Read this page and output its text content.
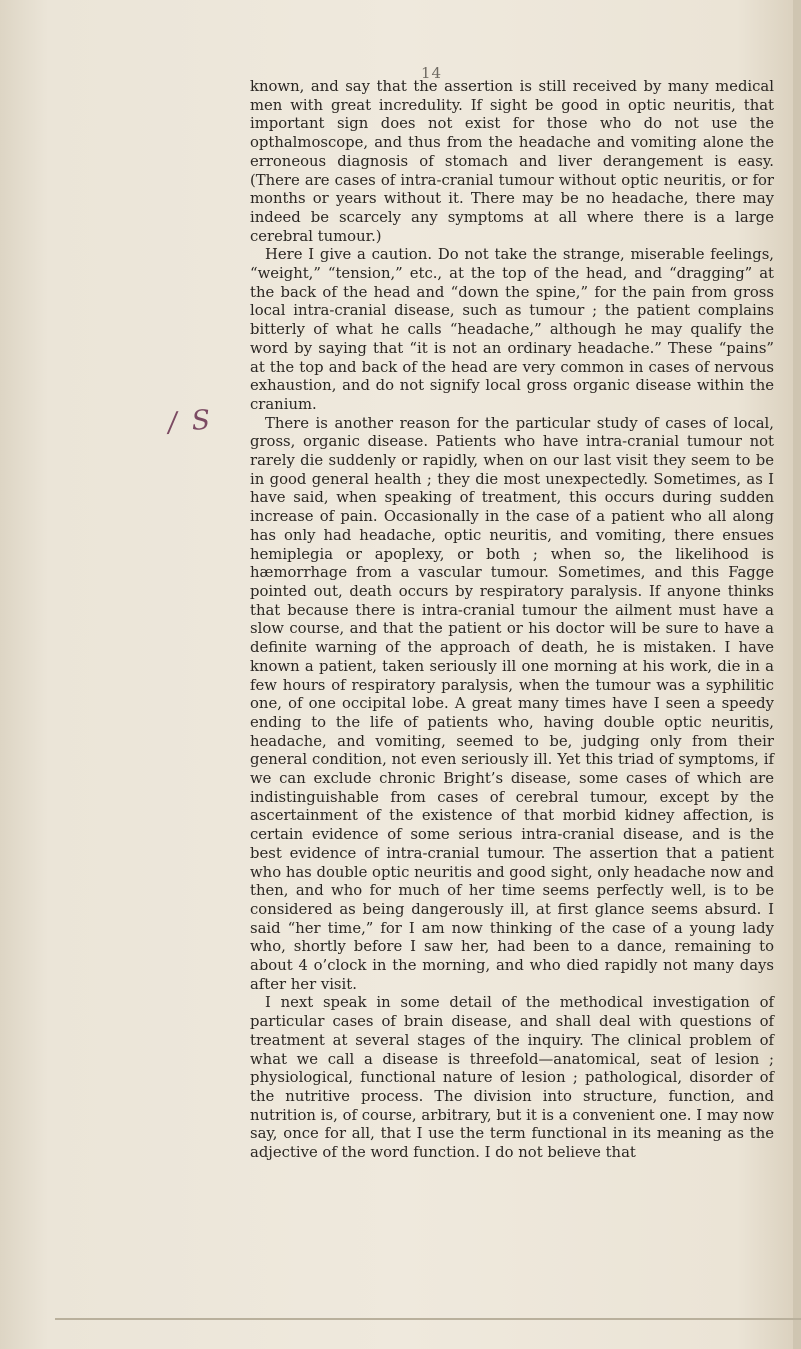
14
/ S

known, and say that the assertion is still received by many medical men with great incredulity. If sight be good in optic neuritis, that important sign does not exist for those who do not use the opthalmoscope, and thus from the headache and vomiting alone the erroneous diagnosis of stomach and liver derangement is easy. (There are cases of intra-cranial tumour without optic neuritis, or for months or years without it. There may be no headache, there may indeed be scarcely any symptoms at all where there is a large cerebral tumour.)

Here I give a caution. Do not take the strange, miserable feelings, “weight,” “tension,” etc., at the top of the head, and “dragging” at the back of the head and “down the spine,” for the pain from gross local intra-cranial disease, such as tumour ; the patient complains bitterly of what he calls “headache,” although he may qualify the word by saying that “it is not an ordinary headache.” These “pains” at the top and back of the head are very common in cases of nervous exhaustion, and do not signify local gross organic disease within the cranium.

There is another reason for the particular study of cases of local, gross, organic disease. Patients who have intra-cranial tumour not rarely die suddenly or rapidly, when on our last visit they seem to be in good general health ; they die most unexpectedly. Sometimes, as I have said, when speaking of treatment, this occurs during sudden increase of pain. Occasionally in the case of a patient who all along has only had headache, optic neuritis, and vomiting, there ensues hemiplegia or apoplexy, or both ; when so, the likelihood is hæmorrhage from a vascular tumour. Sometimes, and this Fagge pointed out, death occurs by respiratory paralysis. If anyone thinks that because there is intra-cranial tumour the ailment must have a slow course, and that the patient or his doctor will be sure to have a definite warning of the approach of death, he is mistaken. I have known a patient, taken seriously ill one morning at his work, die in a few hours of respiratory paralysis, when the tumour was a syphilitic one, of one occipital lobe. A great many times have I seen a speedy ending to the life of patients who, having double optic neuritis, headache, and vomiting, seemed to be, judging only from their general condition, not even seriously ill. Yet this triad of symptoms, if we can exclude chronic Bright’s disease, some cases of which are indistinguishable from cases of cerebral tumour, except by the ascertainment of the existence of that morbid kidney affection, is certain evidence of some serious intra-cranial disease, and is the best evidence of intra-cranial tumour. The assertion that a patient who has double optic neuritis and good sight, only headache now and then, and who for much of her time seems perfectly well, is to be considered as being dangerously ill, at first glance seems absurd. I said “her time,” for I am now thinking of the case of a young lady who, shortly before I saw her, had been to a dance, remaining to about 4 o’clock in the morning, and who died rapidly not many days after her visit.

I next speak in some detail of the methodical investigation of particular cases of brain disease, and shall deal with questions of treatment at several stages of the inquiry. The clinical problem of what we call a disease is threefold—anatomical, seat of lesion ; physiological, functional nature of lesion ; pathological, disorder of the nutritive process. The division into structure, function, and nutrition is, of course, arbitrary, but it is a convenient one. I may now say, once for all, that I use the term functional in its meaning as the adjective of the word function. I do not believe that
